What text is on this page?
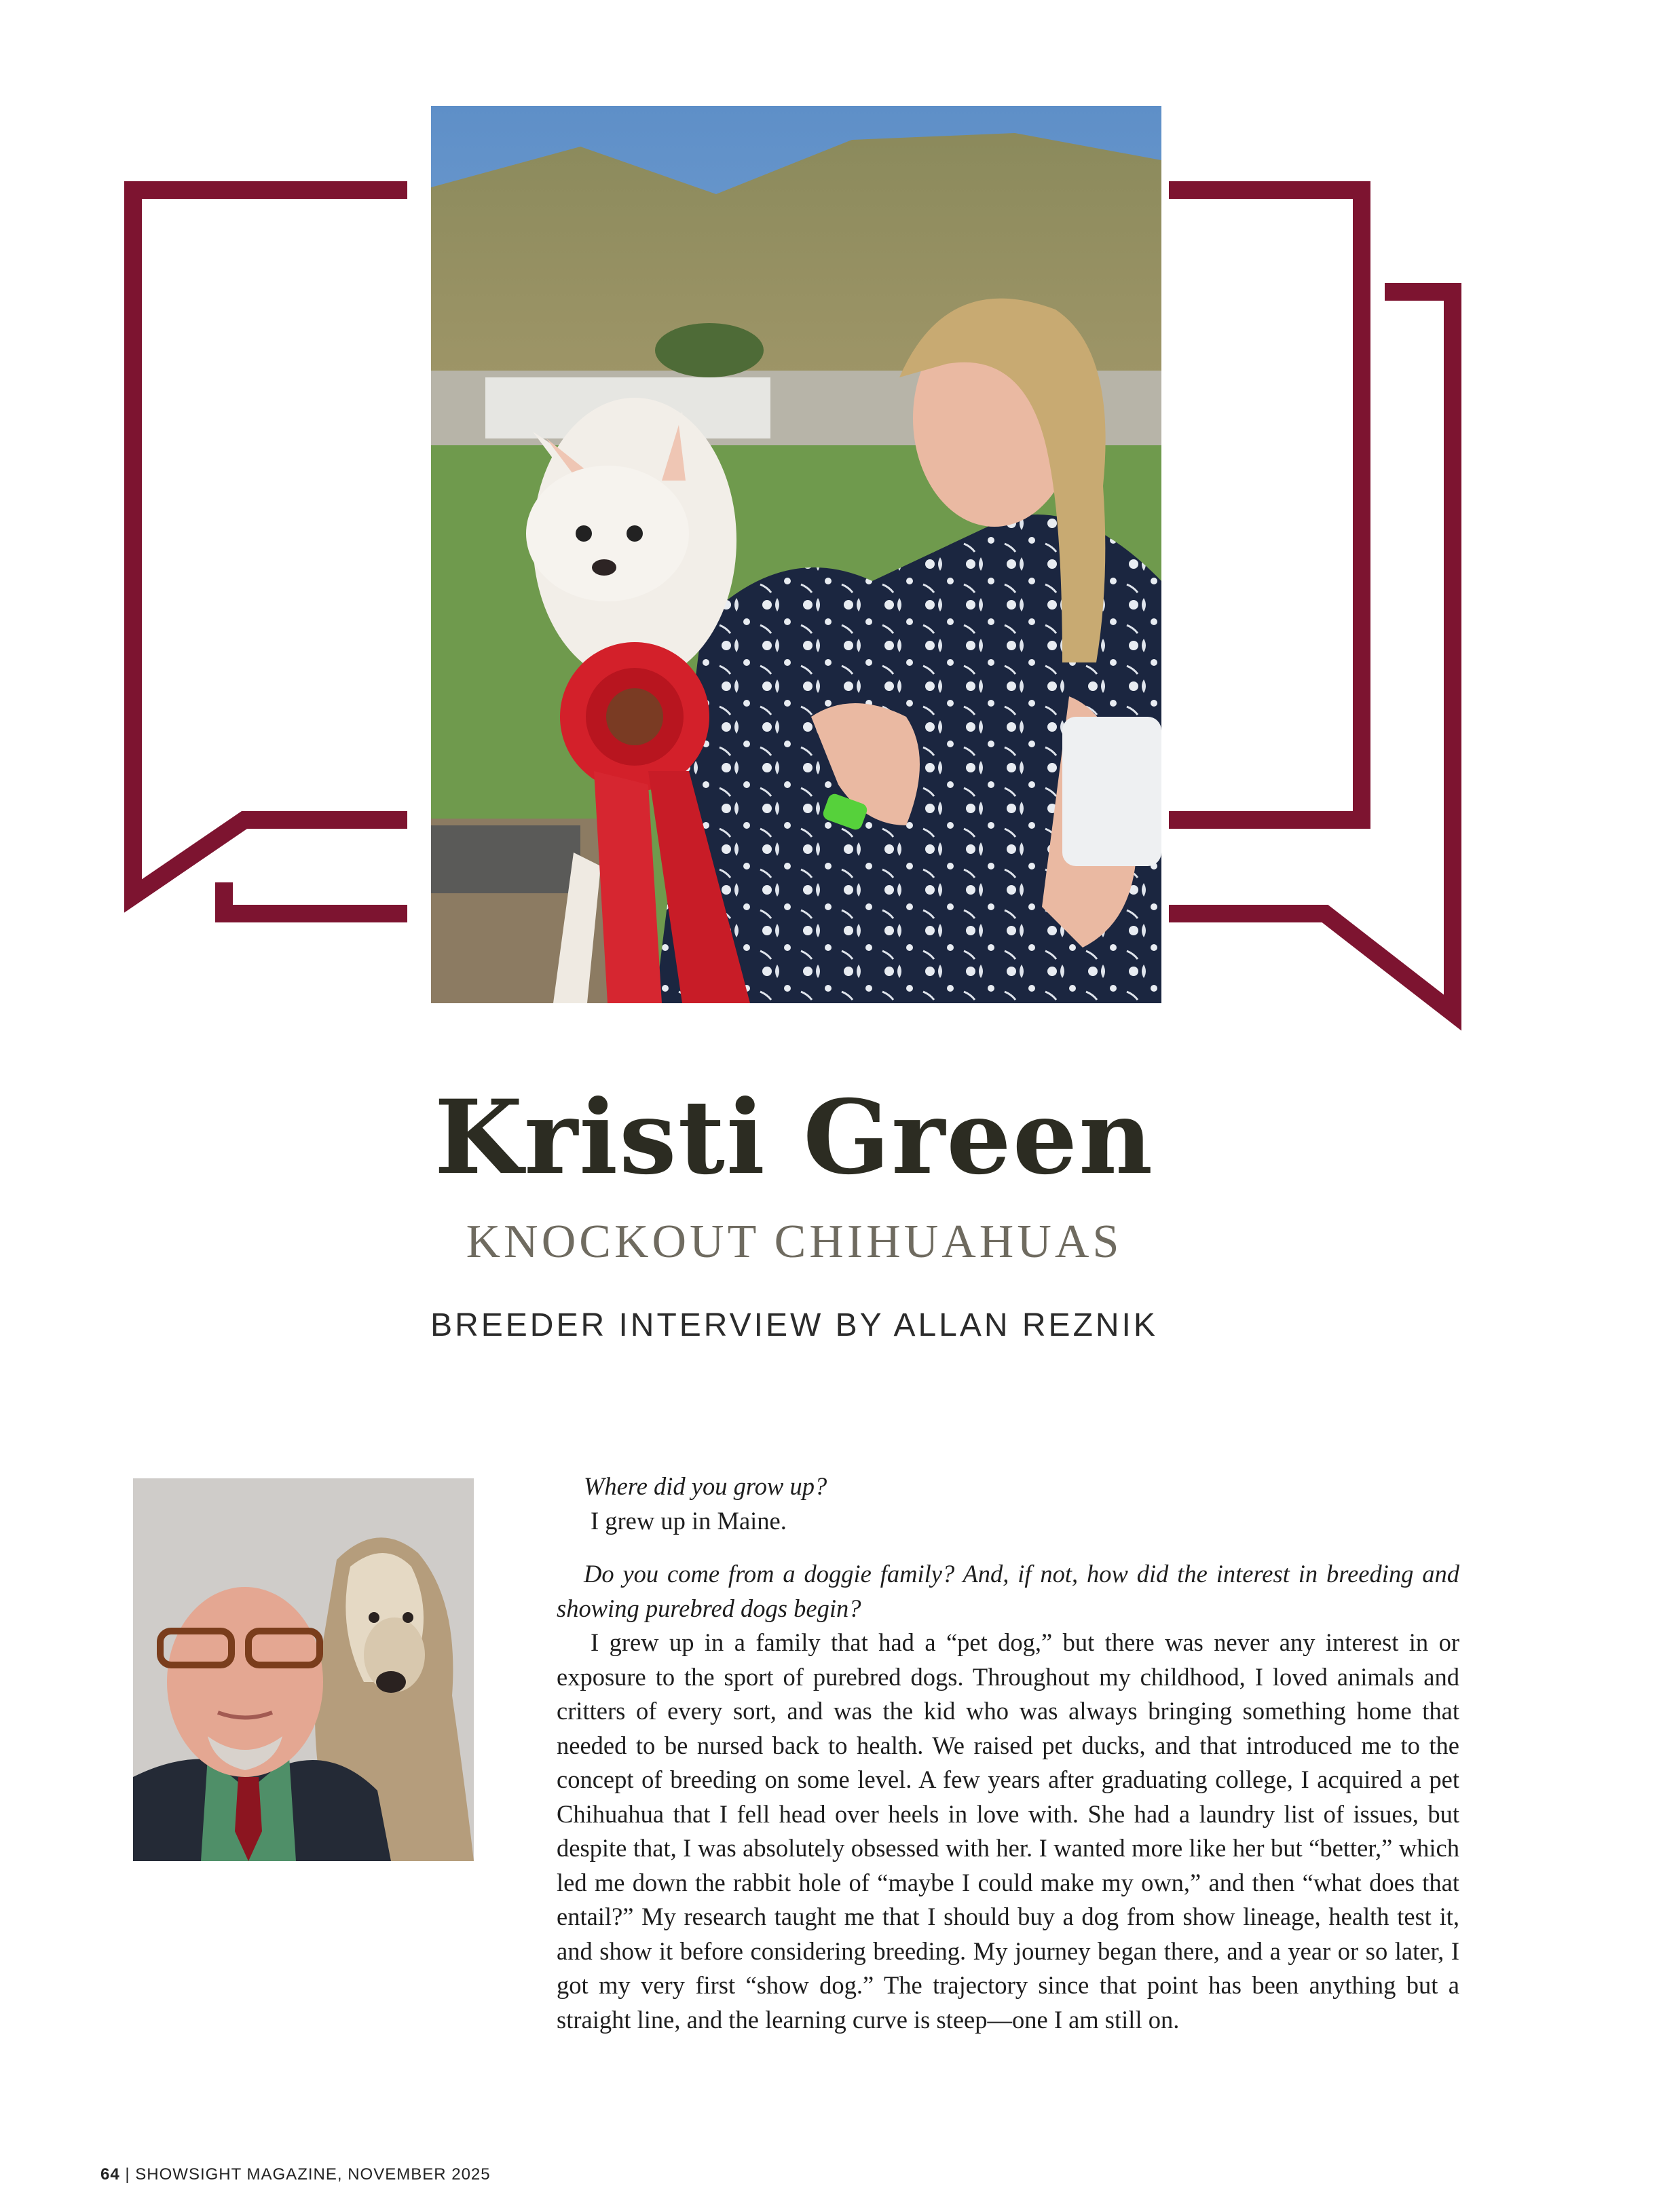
Kristi Green
KNOCKOUT CHIHUAHUAS
BREEDER INTERVIEW BY ALLAN REZNIK

Where did you grow up?

I grew up in Maine.

Do you come from a doggie family? And, if not, how did the interest in breeding and showing purebred dogs begin?

I grew up in a family that had a “pet dog,” but there was never any interest in or exposure to the sport of purebred dogs. Throughout my childhood, I loved animals and critters of every sort, and was the kid who was always bringing something home that needed to be nursed back to health. We raised pet ducks, and that introduced me to the concept of breeding on some level. A few years after graduating college, I acquired a pet Chihuahua that I fell head over heels in love with. She had a laundry list of issues, but despite that, I was absolutely obsessed with her. I wanted more like her but “better,” which led me down the rabbit hole of “maybe I could make my own,” and then “what does that entail?” My research taught me that I should buy a dog from show lineage, health test it, and show it before considering breeding. My journey began there, and a year or so later, I got my very first “show dog.” The trajectory since that point has been anything but a straight line, and the learning curve is steep—one I am still on.

64 | SHOWSIGHT MAGAZINE, NOVEMBER 2025
